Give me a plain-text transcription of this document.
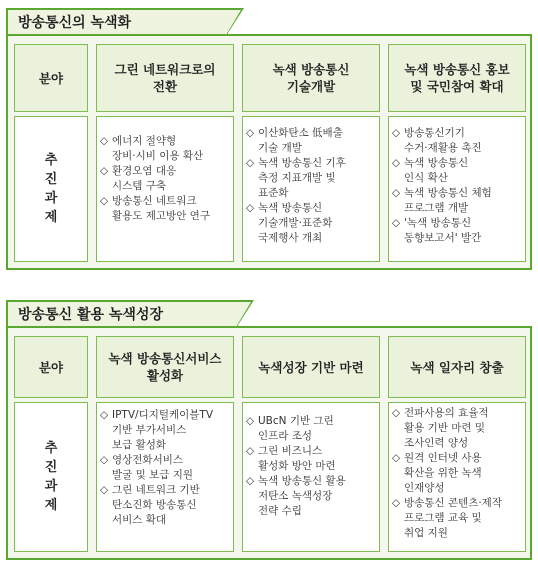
방송통신의 녹색화
분야
추
진
과
제
그린 네트워크로의
전환
◇ 에너지 절약형
장비·시비 이용 확산
◇ 환경오염 대응
시스템 구축
◇ 방송통신 네트워크
활용도 제고방안 연구
녹색 방송통신
기술개발
◇ 이산화탄소 低배출
기술 개발
◇ 녹색 방송통신 기후
측정 지표개발 빛
표준화
◇ 녹색 방송통신
기술개발·표준화
국제행사 개최
녹색 방송통신 홍보
및 국민참여 확대
◇ 방송통신기기
수거·재활용 촉진
◇ 녹색 방송통신
인식 확산
◇ 녹색 방송통신 체험
프로그램 개발
◇ '녹색 방송통신
동향보고서' 발간
방송통신 활용 녹색성장
분야
추
진
과
제
녹색 방송통신서비스
활성화
◇ IPTV/디지털케이블TV
기반 부가서비스
보급 활성화
◇ 영상전화서비스
발굴 및 보급 지원
◇ 그린 네트워크 기반
탄소진화 방송통신
서비스 확대
녹색성장 기반 마련
◇ UBcN 기반 그린
인프라 조성
◇ 그린 비즈니스
활성화 방안 마련
◇ 녹색 방송통신 활용
저탄소 녹색성장
전략 수립
녹색 일자리 창출
◇ 전파사용의 효율적
활용 기반 마련 및
조사인력 양성
◇ 원격 인터넷 사용
확산을 위한 녹색
인재양성
◇ 방송통신 콘텐츠·제작
프로그램 교육 및
취업 지원
